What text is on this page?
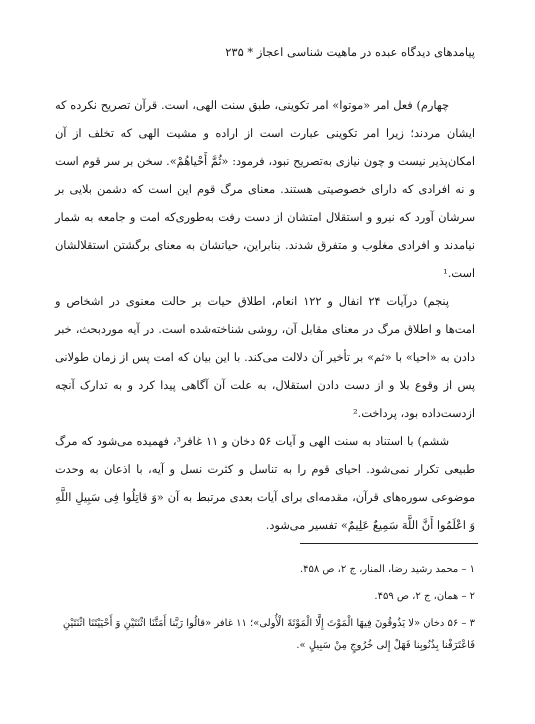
پیامدهای دیدگاه عبده در ماهیت شناسی اعجاز * ۲۳۵

چهارم) فعل امر «موتوا» امر تکوینی، طبق سنت الهی، است. قرآن تصریح نکرده که ایشان مردند؛ زیرا امر تکوینی عبارت است از اراده و مشیت الهی که تخلف از آن امکان‌پذیر نیست و چون نیازی به‌تصریح نبود، فرمود: «ثُمَّ أَحْیاهُمْ». سخن بر سر قوم است و نه افرادی که دارای خصوصیتی هستند. معنای مرگ قوم این است که دشمن بلایی بر سرشان آورد که نیرو و استقلال امتشان از دست رفت به‌طوری‌که امت و جامعه به شمار نیامدند و افرادی مغلوب و متفرق شدند. بنابراین، حیاتشان به معنای برگشتن استقلالشان است.¹

پنجم) درآیات ۲۴ انفال و ۱۲۲ انعام، اطلاق حیات بر حالت معنوی در اشخاص و امت‌ها و اطلاق مرگ در معنای مقابل آن، روشی شناخته‌شده است. در آیه موردبحث، خبر دادن به «احیا» با «ثم» بر تأخیر آن دلالت می‌کند. با این بیان که امت پس از زمان طولانی پس از وقوع بلا و از دست دادن استقلال، به علت آن آگاهی پیدا کرد و به تدارک آنچه ازدست‌داده بود، پرداخت.²

ششم) با استناد به سنت الهی و آیات ۵۶ دخان و ۱۱ غافر³، فهمیده می‌شود که مرگ طبیعی تکرار نمی‌شود. احیای قوم را به تناسل و کثرت نسل و آیه، با اذعان به وحدت موضوعی سوره‌های قرآن، مقدمه‌ای برای آیات بعدی مرتبط به آن «وَ قاتِلُوا فِی سَبِیلِ اللَّهِ وَ اعْلَمُوا أَنَّ اللَّهَ سَمِیعٌ عَلِیمٌ» تفسیر می‌شود.

۱ – محمد رشید رضا، المنار، ج ۲، ص ۴۵۸.

۲ – همان، ج ۲، ص ۴۵۹.

۳ – ۵۶ دخان «لا یَذُوقُونَ فِیهَا الْمَوْتَ إِلَّا الْمَوْتَةَ الْأُولی»؛ ۱۱ غافر «قالُوا رَبَّنا أَمَتَّنَا اثْنَتَیْنِ وَ أَحْیَیْتَنَا اثْنَتَیْنِ فَاعْتَرَفْنا بِذُنُوبِنا فَهَلْ إِلی خُرُوجٍ مِنْ سَبِیلٍ ».
